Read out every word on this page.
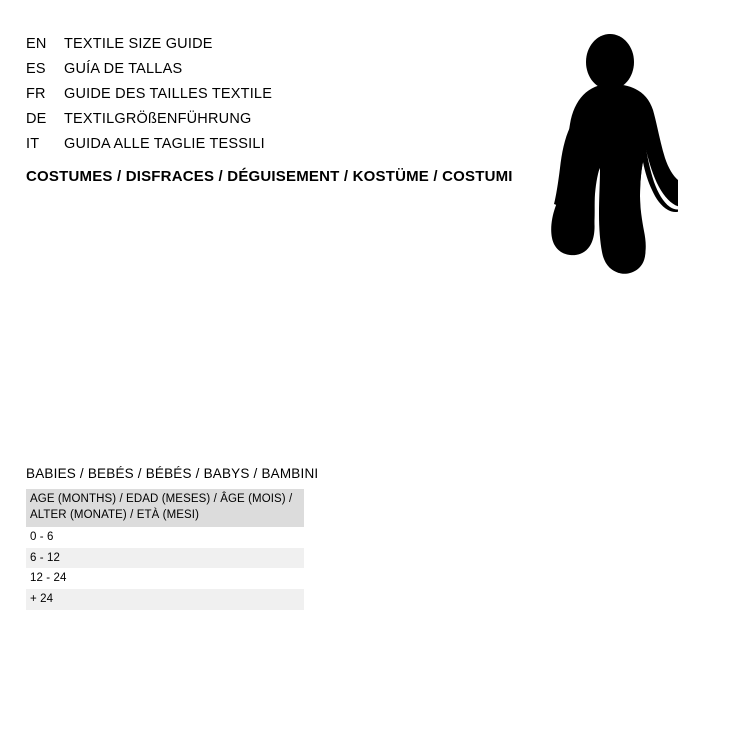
EN	TEXTILE SIZE GUIDE
ES	GUÍA DE TALLAS
FR	GUIDE DES TAILLES TEXTILE
DE	TEXTILGRÖßENFÜHRUNG
IT	GUIDA ALLE TAGLIE TESSILI
COSTUMES / DISFRACES / DÉGUISEMENT / KOSTÜME / COSTUMI
BABIES / BEBÉS / BÉBÉS / BABYS / BAMBINI
AGE (MONTHS) / EDAD (MESES) / ÂGE (MOIS) / ALTER (MONATE) / ETÀ (MESI)
0 - 6
6 - 12
12 - 24
+ 24
